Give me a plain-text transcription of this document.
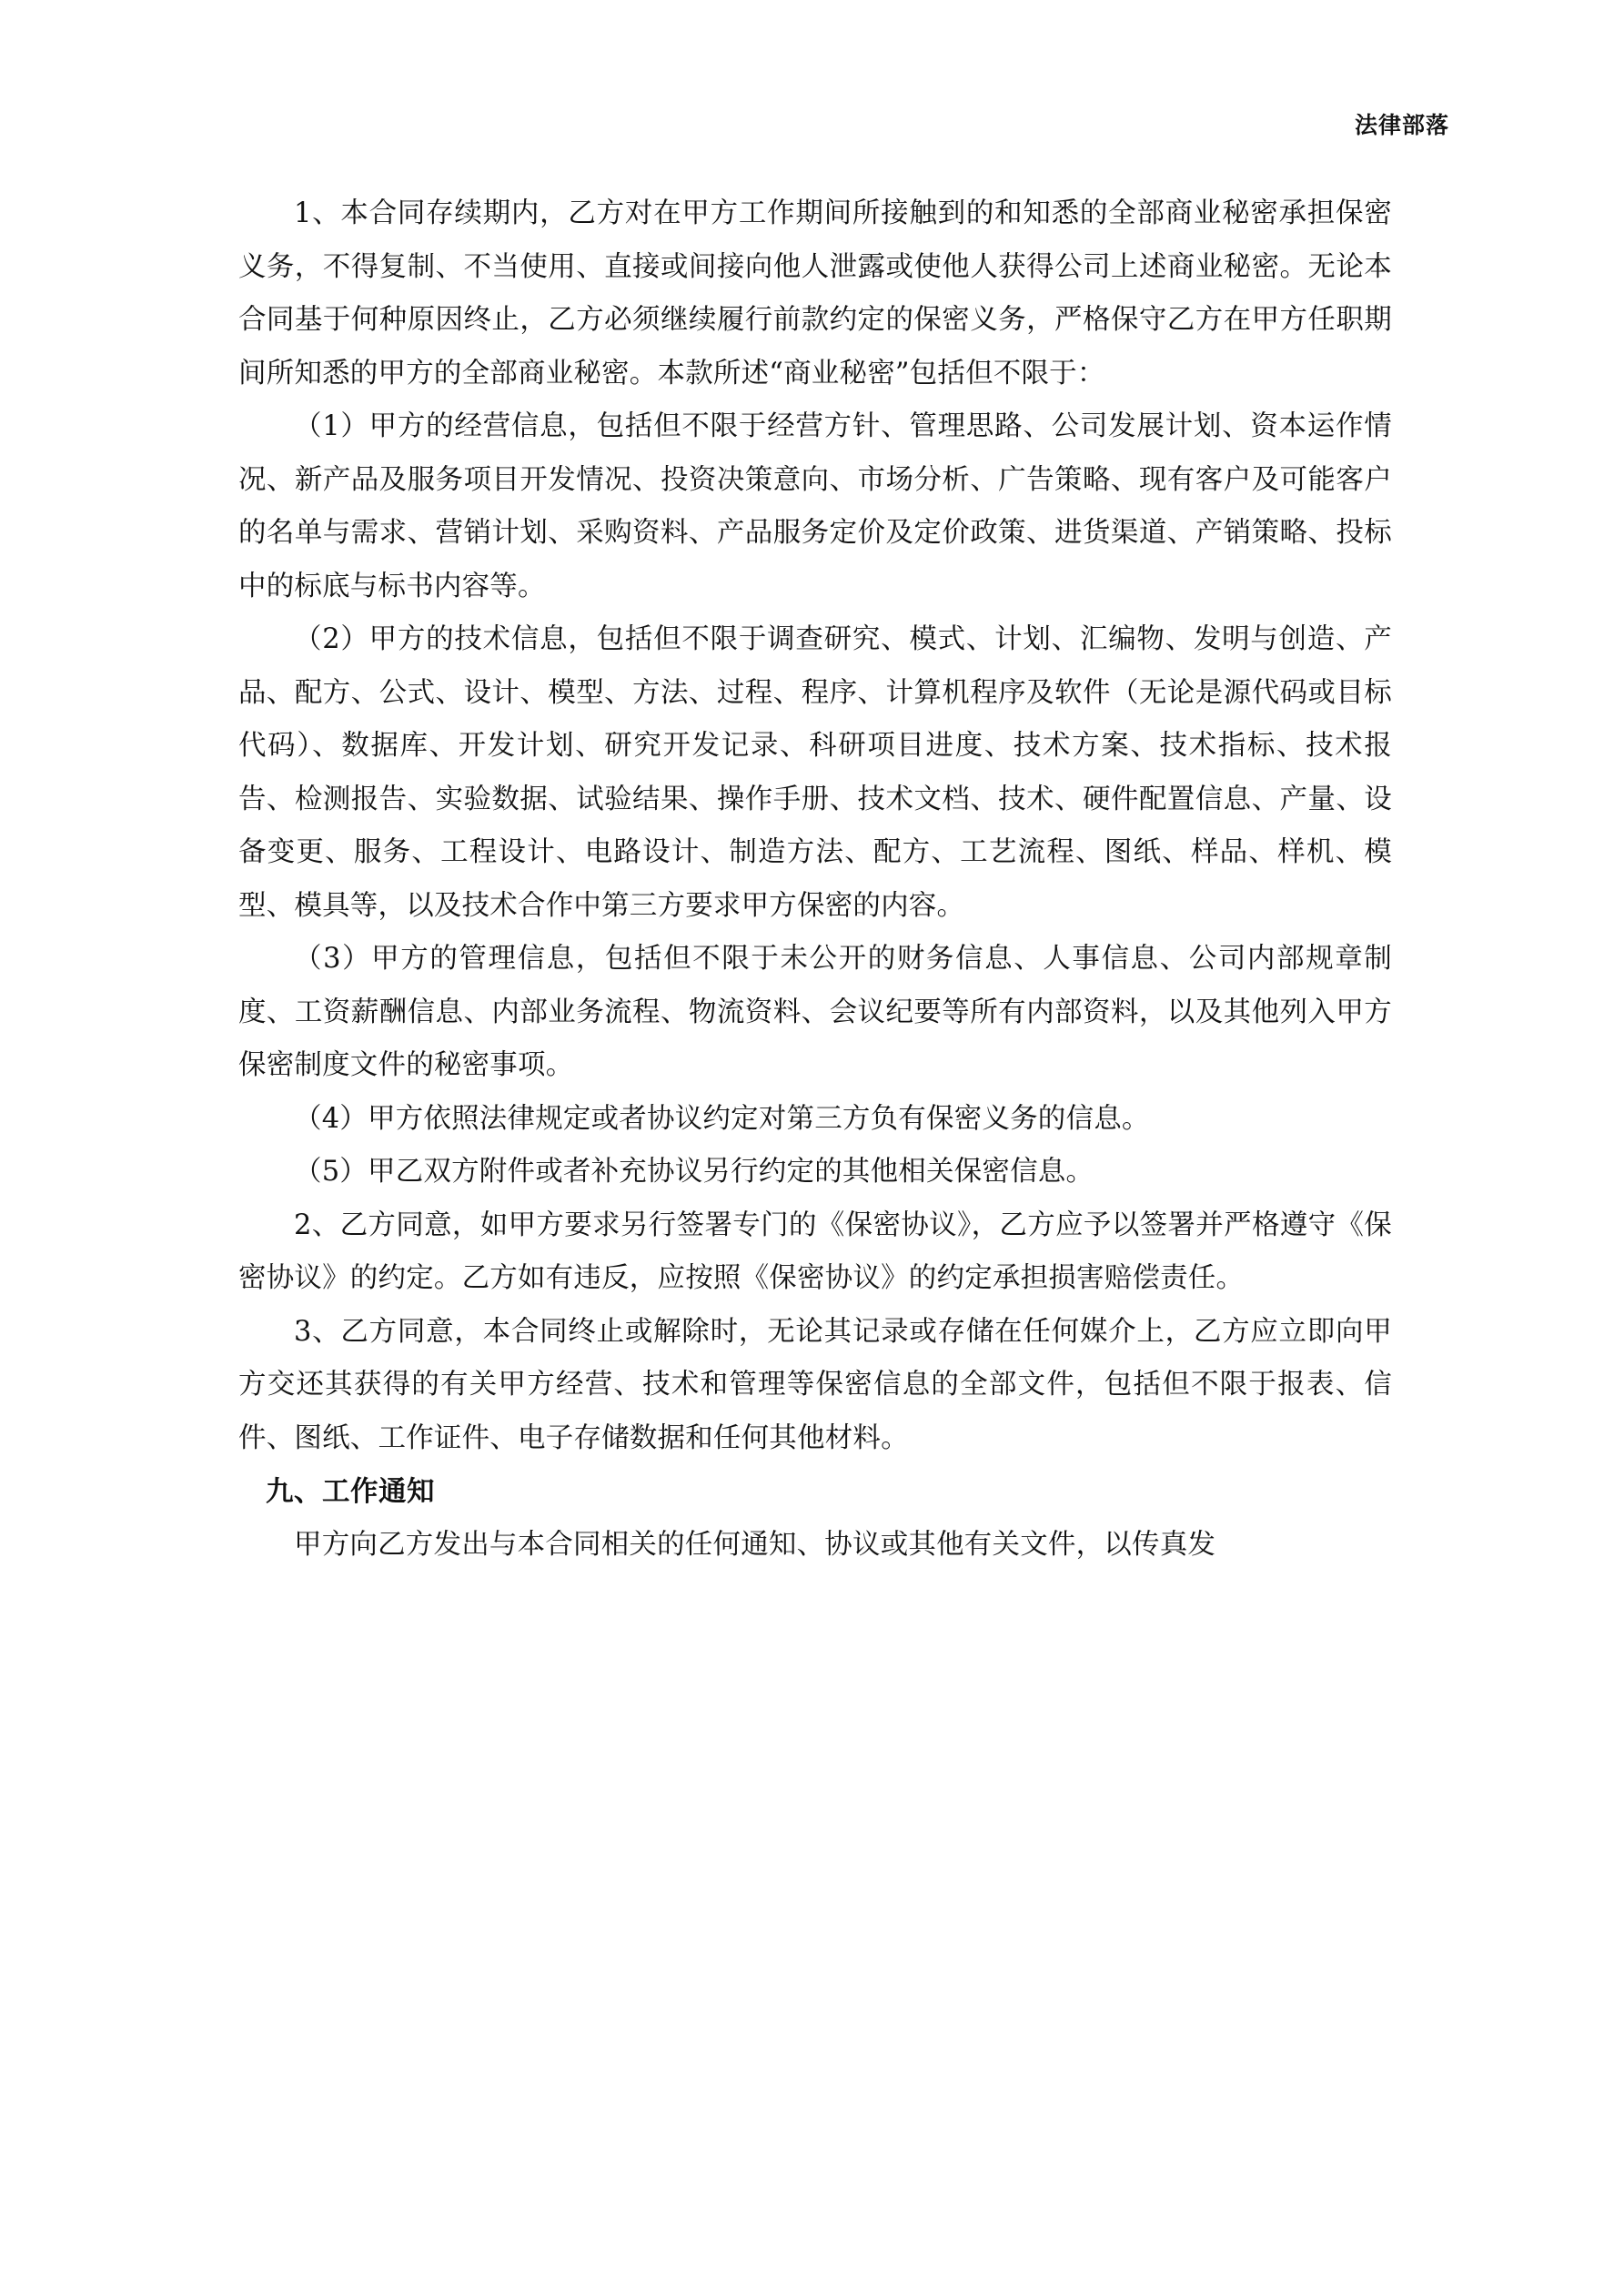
法律部落

1、本合同存续期内，乙方对在甲方工作期间所接触到的和知悉的全部商业秘密承担保密义务，不得复制、不当使用、直接或间接向他人泄露或使他人获得公司上述商业秘密。无论本合同基于何种原因终止，乙方必须继续履行前款约定的保密义务，严格保守乙方在甲方任职期间所知悉的甲方的全部商业秘密。本款所述“商业秘密”包括但不限于：

（1）甲方的经营信息，包括但不限于经营方针、管理思路、公司发展计划、资本运作情况、新产品及服务项目开发情况、投资决策意向、市场分析、广告策略、现有客户及可能客户的名单与需求、营销计划、采购资料、产品服务定价及定价政策、进货渠道、产销策略、投标中的标底与标书内容等。

（2）甲方的技术信息，包括但不限于调查研究、模式、计划、汇编物、发明与创造、产品、配方、公式、设计、模型、方法、过程、程序、计算机程序及软件（无论是源代码或目标代码）、数据库、开发计划、研究开发记录、科研项目进度、技术方案、技术指标、技术报告、检测报告、实验数据、试验结果、操作手册、技术文档、技术、硬件配置信息、产量、设备变更、服务、工程设计、电路设计、制造方法、配方、工艺流程、图纸、样品、样机、模型、模具等，以及技术合作中第三方要求甲方保密的内容。

（3）甲方的管理信息，包括但不限于未公开的财务信息、人事信息、公司内部规章制度、工资薪酬信息、内部业务流程、物流资料、会议纪要等所有内部资料，以及其他列入甲方保密制度文件的秘密事项。

（4）甲方依照法律规定或者协议约定对第三方负有保密义务的信息。

（5）甲乙双方附件或者补充协议另行约定的其他相关保密信息。

2、乙方同意，如甲方要求另行签署专门的《保密协议》，乙方应予以签署并严格遵守《保密协议》的约定。乙方如有违反，应按照《保密协议》的约定承担损害赔偿责任。

3、乙方同意，本合同终止或解除时，无论其记录或存储在任何媒介上，乙方应立即向甲方交还其获得的有关甲方经营、技术和管理等保密信息的全部文件，包括但不限于报表、信件、图纸、工作证件、电子存储数据和任何其他材料。

九、工作通知

甲方向乙方发出与本合同相关的任何通知、协议或其他有关文件，以传真发
